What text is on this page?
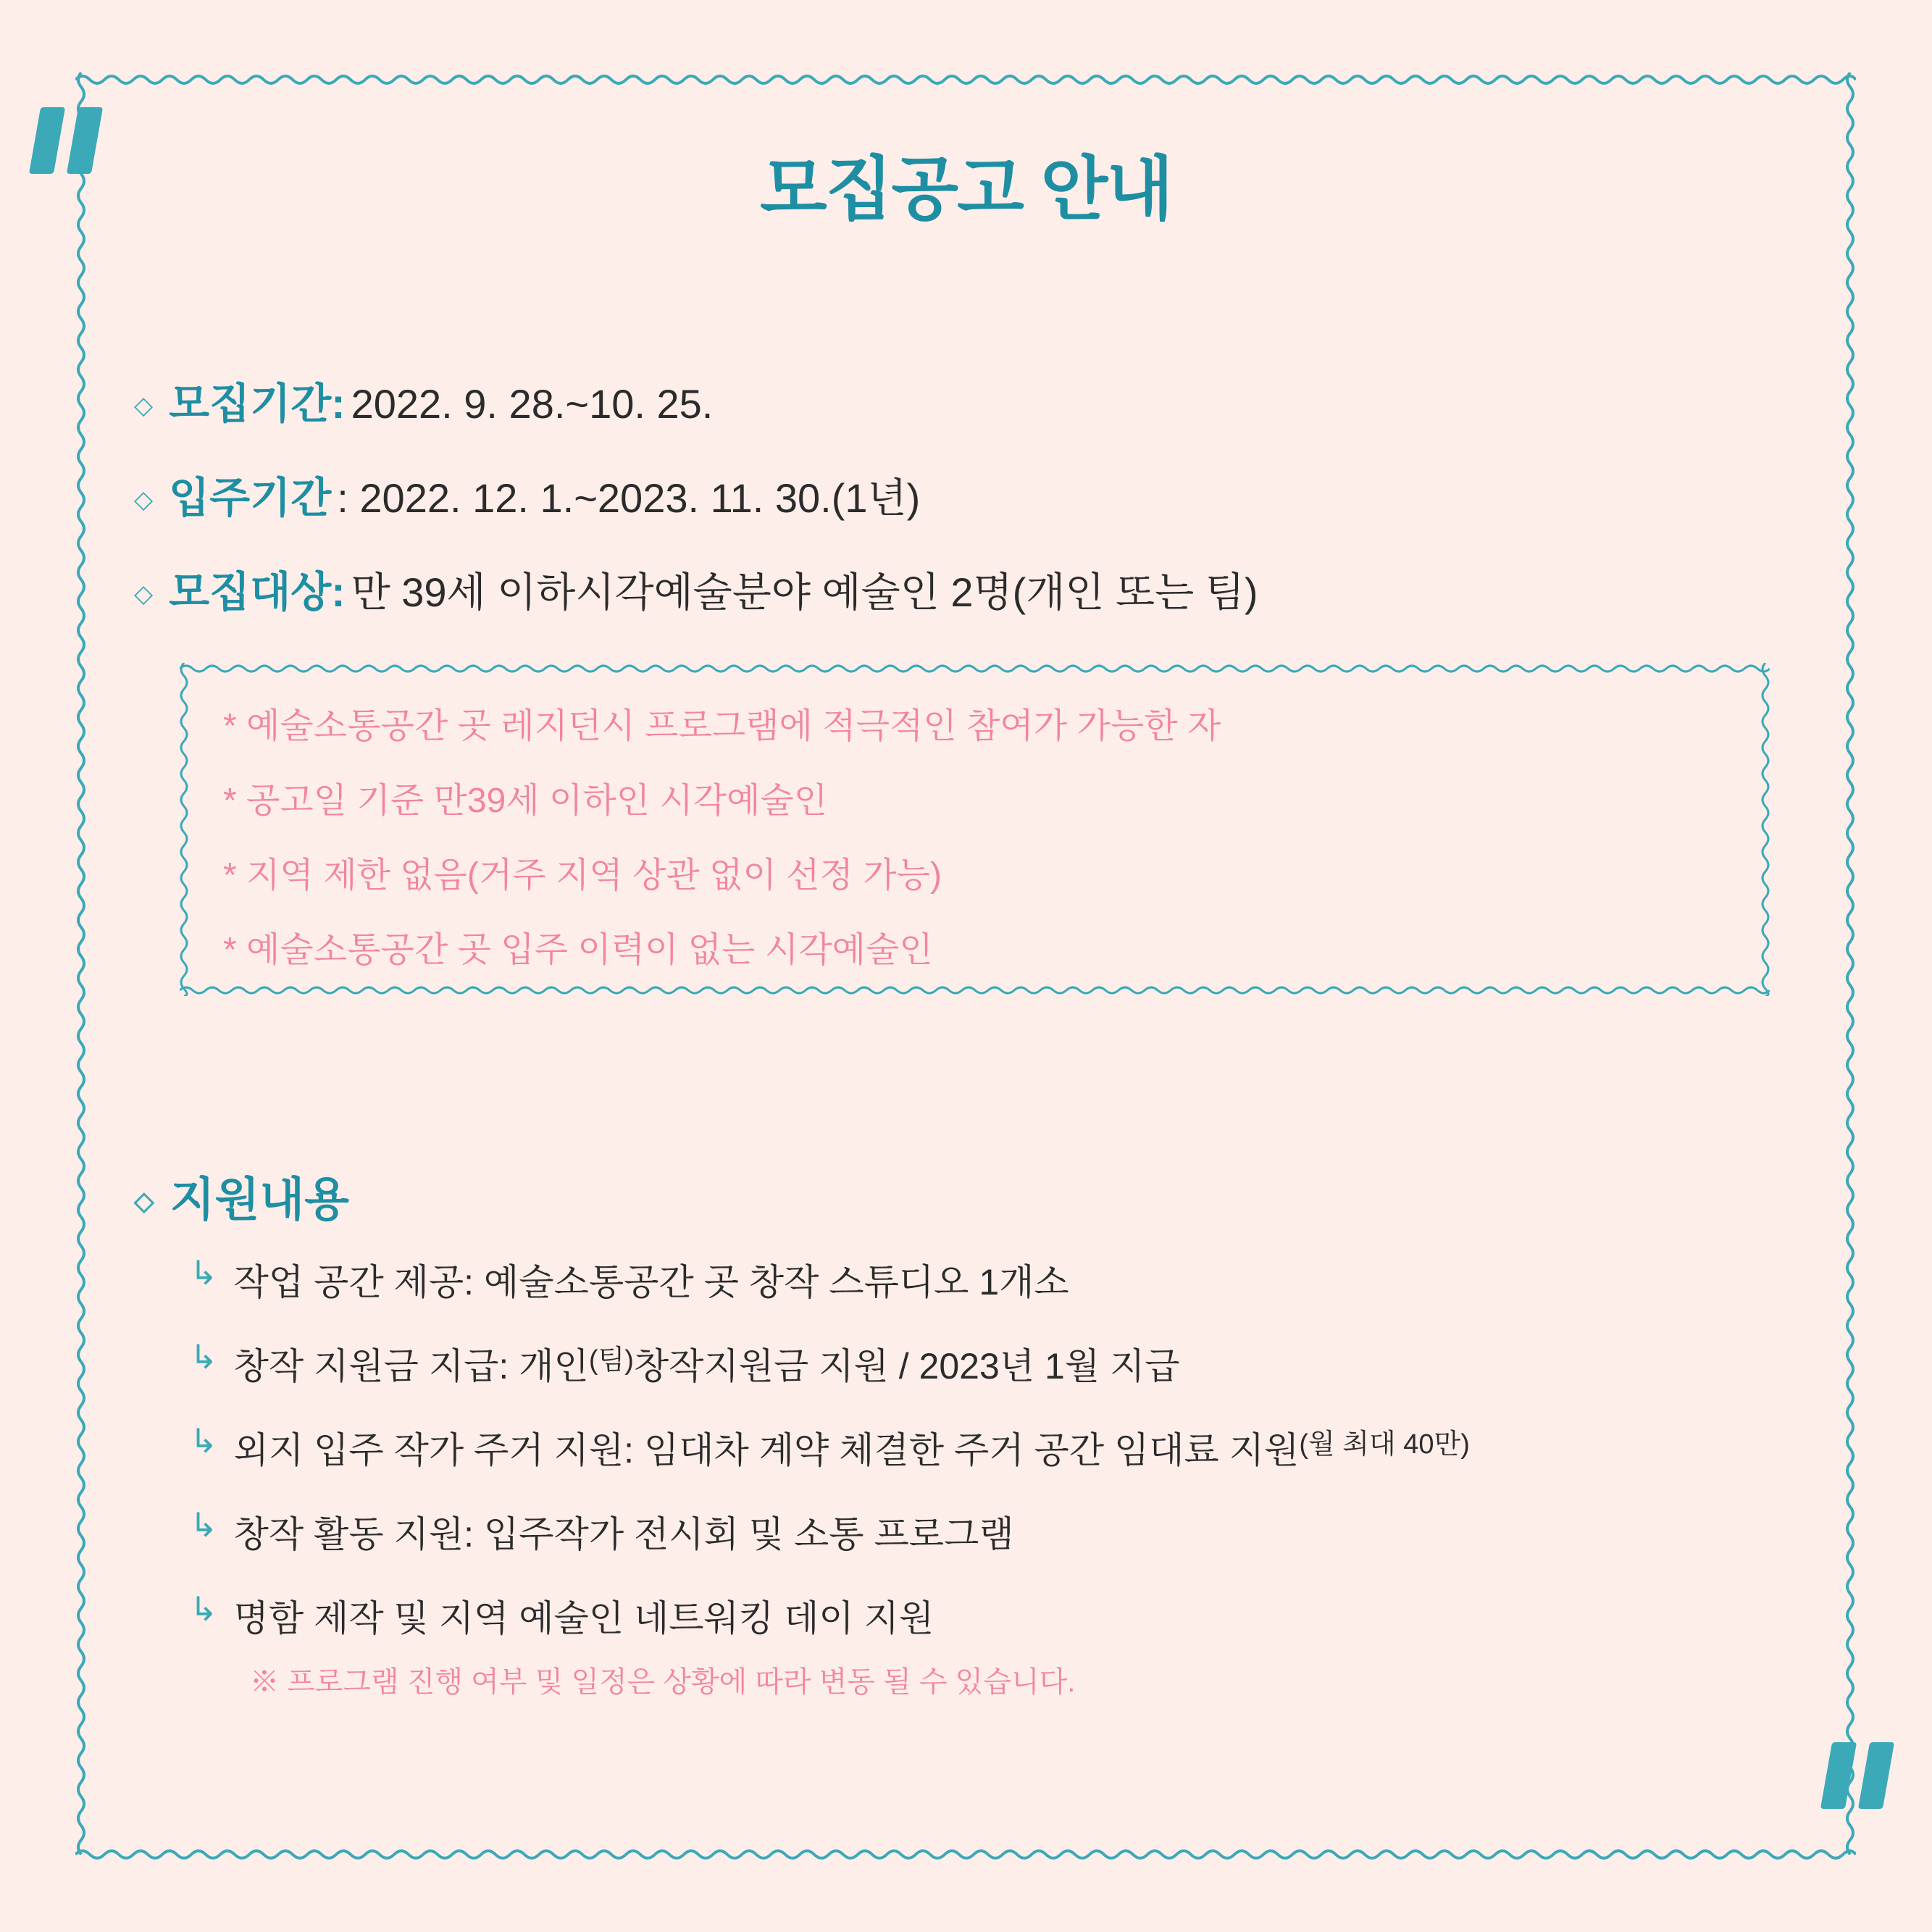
모집공고 안내
◇ 모집기간: 2022. 9. 28.~10. 25.
◇ 입주기간 : 2022. 12. 1.~2023. 11. 30. (1년)
◇ 모집대상: 만 39세 이하 시각예술분야 예술인 2명 (개인 또는 팀)
* 예술소통공간 곳 레지던시 프로그램에 적극적인 참여가 가능한 자
* 공고일 기준 만39세 이하인 시각예술인
* 지역 제한 없음(거주 지역 상관 없이 선정 가능)
* 예술소통공간 곳 입주 이력이 없는 시각예술인
◇ 지원내용
↳ 작업 공간 제공: 예술소통공간 곳 창작 스튜디오 1개소
↳ 창작 지원금 지급: 개인 (팀) 창작지원금 지원 / 2023년 1월 지급
↳ 외지 입주 작가 주거 지원: 임대차 계약 체결한 주거 공간 임대료 지원 (월 최대 40만)
↳ 창작 활동 지원: 입주작가 전시회 및 소통 프로그램
↳ 명함 제작 및 지역 예술인 네트워킹 데이 지원
※ 프로그램 진행 여부 및 일정은 상황에 따라 변동 될 수 있습니다.
